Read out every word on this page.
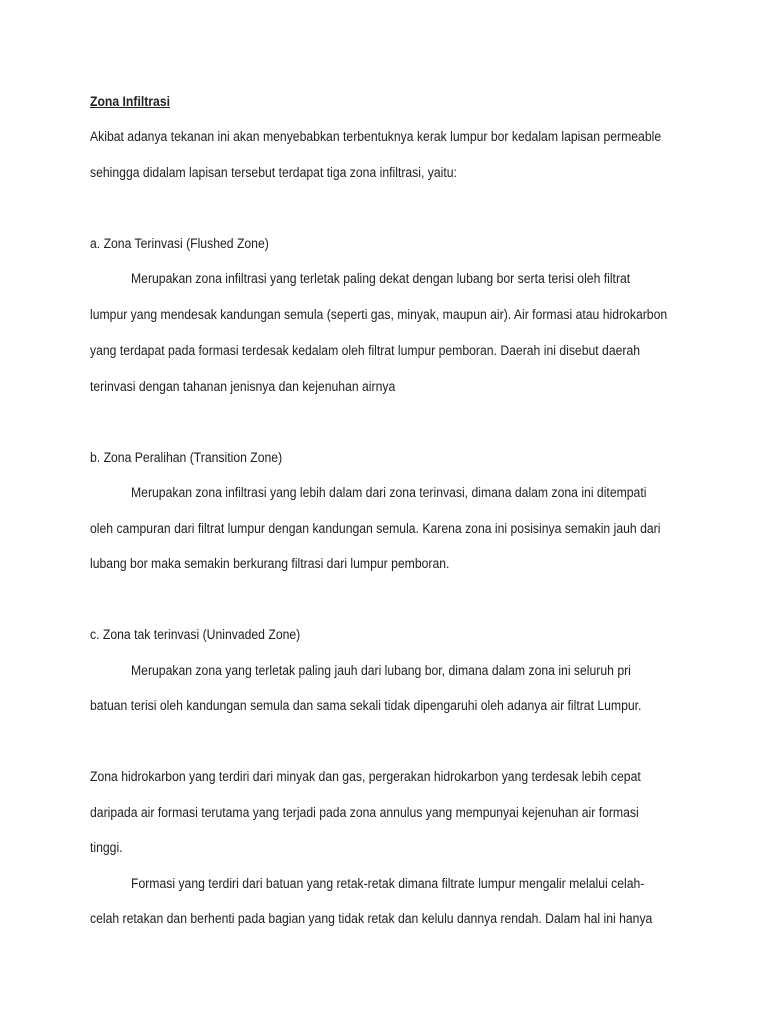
Zona Infiltrasi
Akibat adanya tekanan ini akan menyebabkan terbentuknya kerak lumpur bor kedalam lapisan permeable
sehingga didalam lapisan tersebut terdapat tiga zona infiltrasi, yaitu:
a. Zona Terinvasi (Flushed Zone)
Merupakan zona infiltrasi yang terletak paling dekat dengan lubang bor serta terisi oleh filtrat
lumpur yang mendesak kandungan semula (seperti gas, minyak, maupun air). Air formasi atau hidrokarbon
yang terdapat pada formasi terdesak kedalam oleh filtrat lumpur pemboran. Daerah ini disebut daerah
terinvasi dengan tahanan jenisnya dan kejenuhan airnya
b. Zona Peralihan (Transition Zone)
Merupakan zona infiltrasi yang lebih dalam dari zona terinvasi, dimana dalam zona ini ditempati
oleh campuran dari filtrat lumpur dengan kandungan semula. Karena zona ini posisinya semakin jauh dari
lubang bor maka semakin berkurang filtrasi dari lumpur pemboran.
c. Zona tak terinvasi (Uninvaded Zone)
Merupakan zona yang terletak paling jauh dari lubang bor, dimana dalam zona ini seluruh pri
batuan terisi oleh kandungan semula dan sama sekali tidak dipengaruhi oleh adanya air filtrat Lumpur.
Zona hidrokarbon yang terdiri dari minyak dan gas, pergerakan hidrokarbon yang terdesak lebih cepat
daripada air formasi terutama yang terjadi pada zona annulus yang mempunyai kejenuhan air formasi
tinggi.
Formasi yang terdiri dari batuan yang retak-retak dimana filtrate lumpur mengalir melalui celah-
celah retakan dan berhenti pada bagian yang tidak retak dan kelulu dannya rendah. Dalam hal ini hanya
